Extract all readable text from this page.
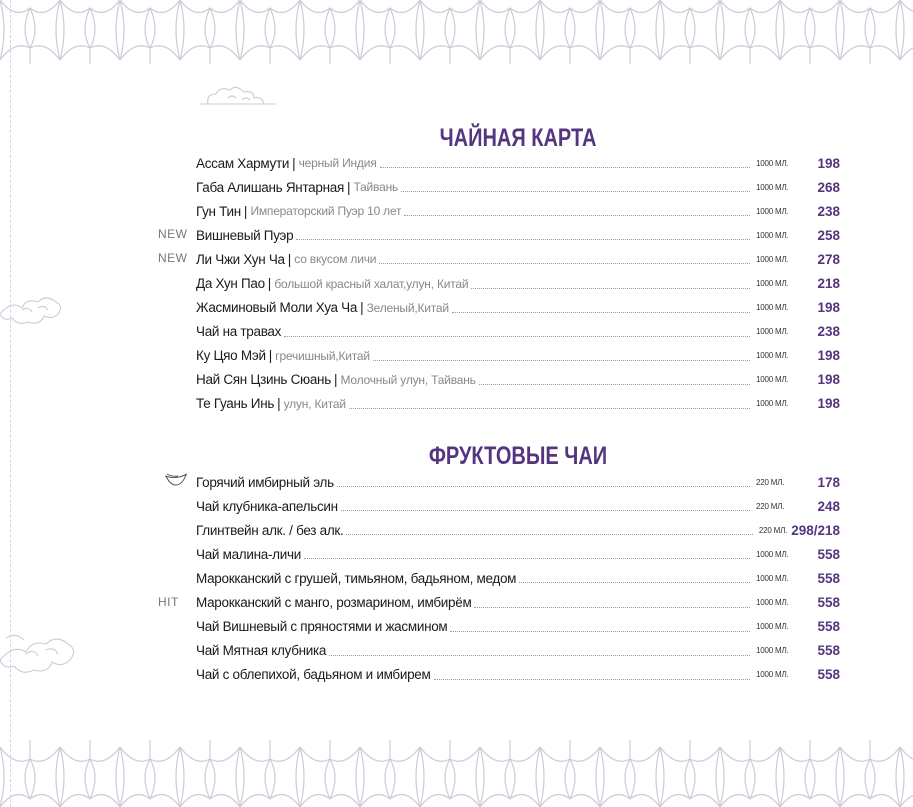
ЧАЙНАЯ КАРТА
Ассам Хармути | черный Индия	1000 МЛ.	198
Габа Алишань Янтарная | Тайвань	1000 МЛ.	268
Гун Тин | Императорский Пуэр 10 лет	1000 МЛ.	238
Вишневый Пуэр	1000 МЛ.	258
Ли Чжи Хун Ча | со вкусом личи	1000 МЛ.	278
Да Хун Пао | большой красный халат,улун, Китай	1000 МЛ.	218
Жасминовый Моли Хуа Ча | Зеленый,Китай	1000 МЛ.	198
Чай на травах	1000 МЛ.	238
Ку Цяо Мэй | гречишный,Китай	1000 МЛ.	198
Най Сян Цзинь Сюань | Молочный улун, Тайвань	1000 МЛ.	198
Те Гуань Инь | улун, Китай	1000 МЛ.	198
ФРУКТОВЫЕ ЧАИ
Горячий имбирный эль	220 МЛ.	178
Чай клубника-апельсин	220 МЛ.	248
Глинтвейн алк. / без алк.	220 МЛ. 298/218
Чай малина-личи	1000 МЛ.	558
Марокканский с грушей, тимьяном, бадьяном, медом	1000 МЛ.	558
Марокканский с манго, розмарином, имбирём	1000 МЛ.	558
Чай Вишневый с пряностями и жасмином	1000 МЛ.	558
Чай Мятная клубника	1000 МЛ.	558
Чай с облепихой, бадьяном и имбирем	1000 МЛ.	558
NEW
NEW
HIT
